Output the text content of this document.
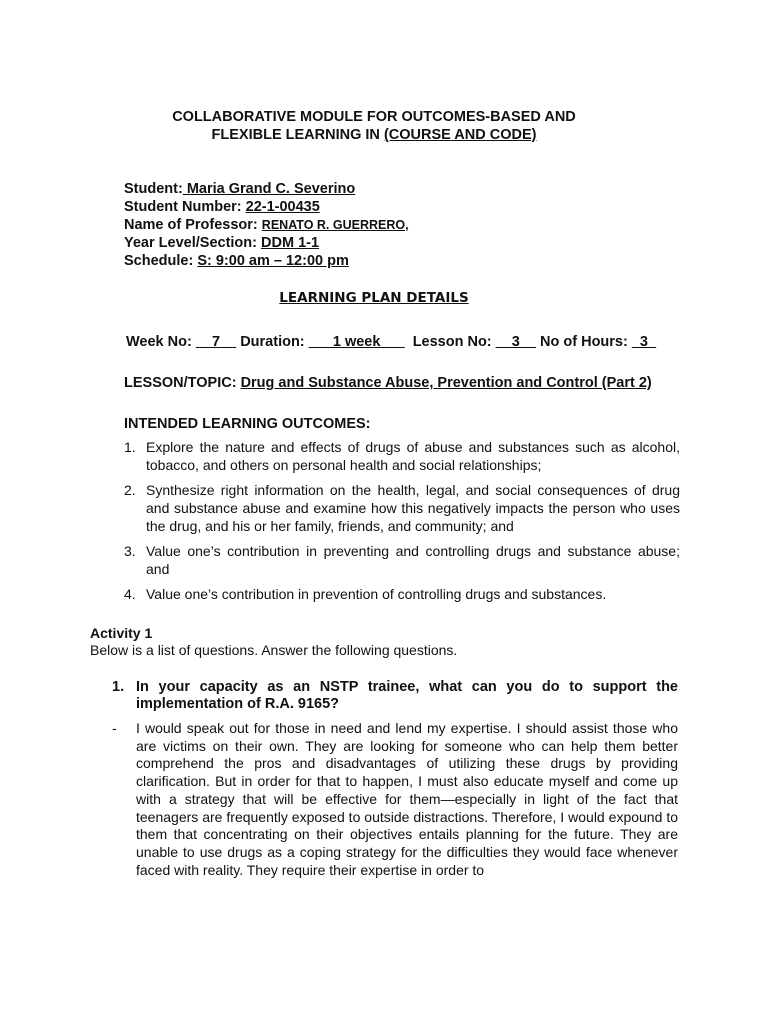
COLLABORATIVE MODULE FOR OUTCOMES-BASED AND
FLEXIBLE LEARNING IN (COURSE AND CODE)
Student: Maria Grand C. Severino
Student Number: 22-1-00435
Name of Professor: RENATO R. GUERRERO,
Year Level/Section: DDM 1-1
Schedule: S: 9:00 am – 12:00 pm
LEARNING PLAN DETAILS
Week No: __7__ Duration: ___1 week___ Lesson No: __3__ No of Hours: _3_
LESSON/TOPIC: Drug and Substance Abuse, Prevention and Control (Part 2)
INTENDED LEARNING OUTCOMES:
1. Explore the nature and effects of drugs of abuse and substances such as alcohol, tobacco, and others on personal health and social relationships;
2. Synthesize right information on the health, legal, and social consequences of drug and substance abuse and examine how this negatively impacts the person who uses the drug, and his or her family, friends, and community; and
3. Value one’s contribution in preventing and controlling drugs and substance abuse; and
4. Value one’s contribution in prevention of controlling drugs and substances.
Activity 1
Below is a list of questions. Answer the following questions.
1. In your capacity as an NSTP trainee, what can you do to support the implementation of R.A. 9165?
-	I would speak out for those in need and lend my expertise. I should assist those who are victims on their own. They are looking for someone who can help them better comprehend the pros and disadvantages of utilizing these drugs by providing clarification. But in order for that to happen, I must also educate myself and come up with a strategy that will be effective for them—especially in light of the fact that teenagers are frequently exposed to outside distractions. Therefore, I would expound to them that concentrating on their objectives entails planning for the future. They are unable to use drugs as a coping strategy for the difficulties they would face whenever faced with reality. They require their expertise in order to
